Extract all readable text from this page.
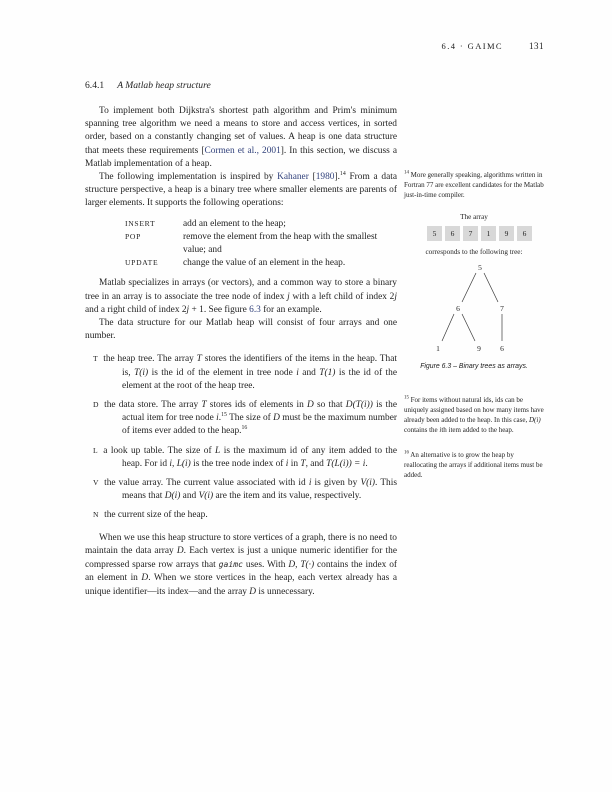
6.4 · GAIMC	131
6.4.1 A Matlab heap structure

To implement both Dijkstra's shortest path algorithm and Prim's minimum spanning tree algorithm we need a means to store and access vertices, in sorted order, based on a constantly changing set of values. A heap is one data structure that meets these requirements [Cormen et al., 2001]. In this section, we discuss a Matlab implementation of a heap.

The following implementation is inspired by Kahaner [1980].$^{14}$ From a data structure perspective, a heap is a binary tree where smaller elements are parents of larger elements. It supports the following operations:

INSERT	add an element to the heap;
POP	remove the element from the heap with the smallest value; and
UPDATE	change the value of an element in the heap.

Matlab specializes in arrays (or vectors), and a common way to store a binary tree in an array is to associate the tree node of index j with a left child of index 2j and a right child of index 2j + 1. See figure 6.3 for an example.

The data structure for our Matlab heap will consist of four arrays and one number.

T the heap tree. The array T stores the identifiers of the items in the heap. That is, T(i) is the id of the element in tree node i and T(1) is the id of the element at the root of the heap tree.

D the data store. The array T stores ids of elements in D so that D(T(i)) is the actual item for tree node i.$^{15}$ The size of D must be the maximum number of items ever added to the heap.$^{16}$

L a look up table. The size of L is the maximum id of any item added to the heap. For id i, L(i) is the tree node index of i in T, and T(L(i)) = i.

V the value array. The current value associated with id i is given by V(i). This means that D(i) and V(i) are the item and its value, respectively.

N the current size of the heap.

When we use this heap structure to store vertices of a graph, there is no need to maintain the data array D. Each vertex is just a unique numeric identifier for the compressed sparse row arrays that gaimc uses. With D, T(·) contains the index of an element in D. When we store vertices in the heap, each vertex already has a unique identifier—its index—and the array D is unnecessary.

$^{14}$ More generally speaking, algorithms written in Fortran 77 are excellent candidates for the Matlab just-in-time compiler.
The array
5	6	7	1	9	6
corresponds to the following tree:
5
6	7
1	9	6
Figure 6.3 – Binary trees as arrays.
$^{15}$ For items without natural ids, ids can be uniquely assigned based on how many items have already been added to the heap. In this case, D(i) contains the ith item added to the heap.
$^{16}$ An alternative is to grow the heap by reallocating the arrays if additional items must be added.
